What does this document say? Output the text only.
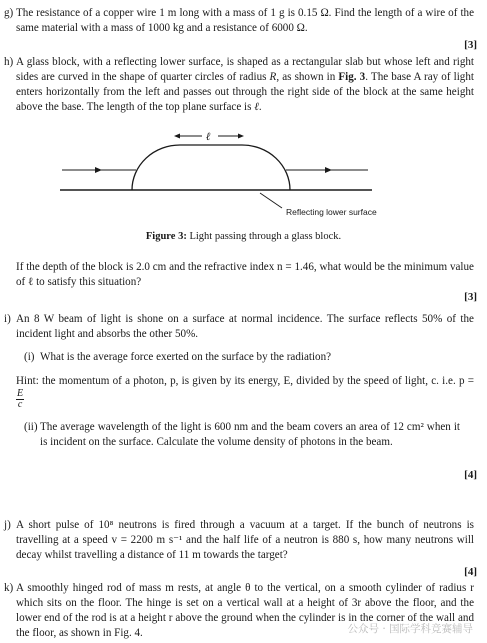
g) The resistance of a copper wire 1 m long with a mass of 1 g is 0.15 Ω. Find the length of a wire of the same material with a mass of 1000 kg and a resistance of 6000 Ω.
[3]
h) A glass block, with a reflecting lower surface, is shaped as a rectangular slab but whose left and right sides are curved in the shape of quarter circles of radius R, as shown in Fig. 3. The base A ray of light enters horizontally from the left and passes out through the right side of the block at the same height above the base. The length of the top plane surface is ℓ.
ℓ
Reflecting lower surface
Figure 3: Light passing through a glass block.
If the depth of the block is 2.0 cm and the refractive index n = 1.46, what would be the minimum value of ℓ to satisfy this situation?
[3]
i) An 8 W beam of light is shone on a surface at normal incidence. The surface reflects 50% of the incident light and absorbs the other 50%.
(i) What is the average force exerted on the surface by the radiation?
Hint: the momentum of a photon, p, is given by its energy, E, divided by the speed of light, c. i.e. p =
$\frac{E}{c}$
(ii) The average wavelength of the light is 600 nm and the beam covers an area of 12 cm² when it is incident on the surface. Calculate the volume density of photons in the beam.
[4]
j) A short pulse of 10⁸ neutrons is fired through a vacuum at a target. If the bunch of neutrons is travelling at a speed v = 2200 m s⁻¹ and the half life of a neutron is 880 s, how many neutrons will decay whilst travelling a distance of 11 m towards the target?
[4]
k) A smoothly hinged rod of mass m rests, at angle θ to the vertical, on a smooth cylinder of radius r which sits on the floor. The hinge is set on a vertical wall at a height of 3r above the floor, and the lower end of the rod is at a height r above the ground when the cylinder is in the corner of the wall and the floor, as shown in Fig. 4.	公众号 · 国际学科竞赛辅导
